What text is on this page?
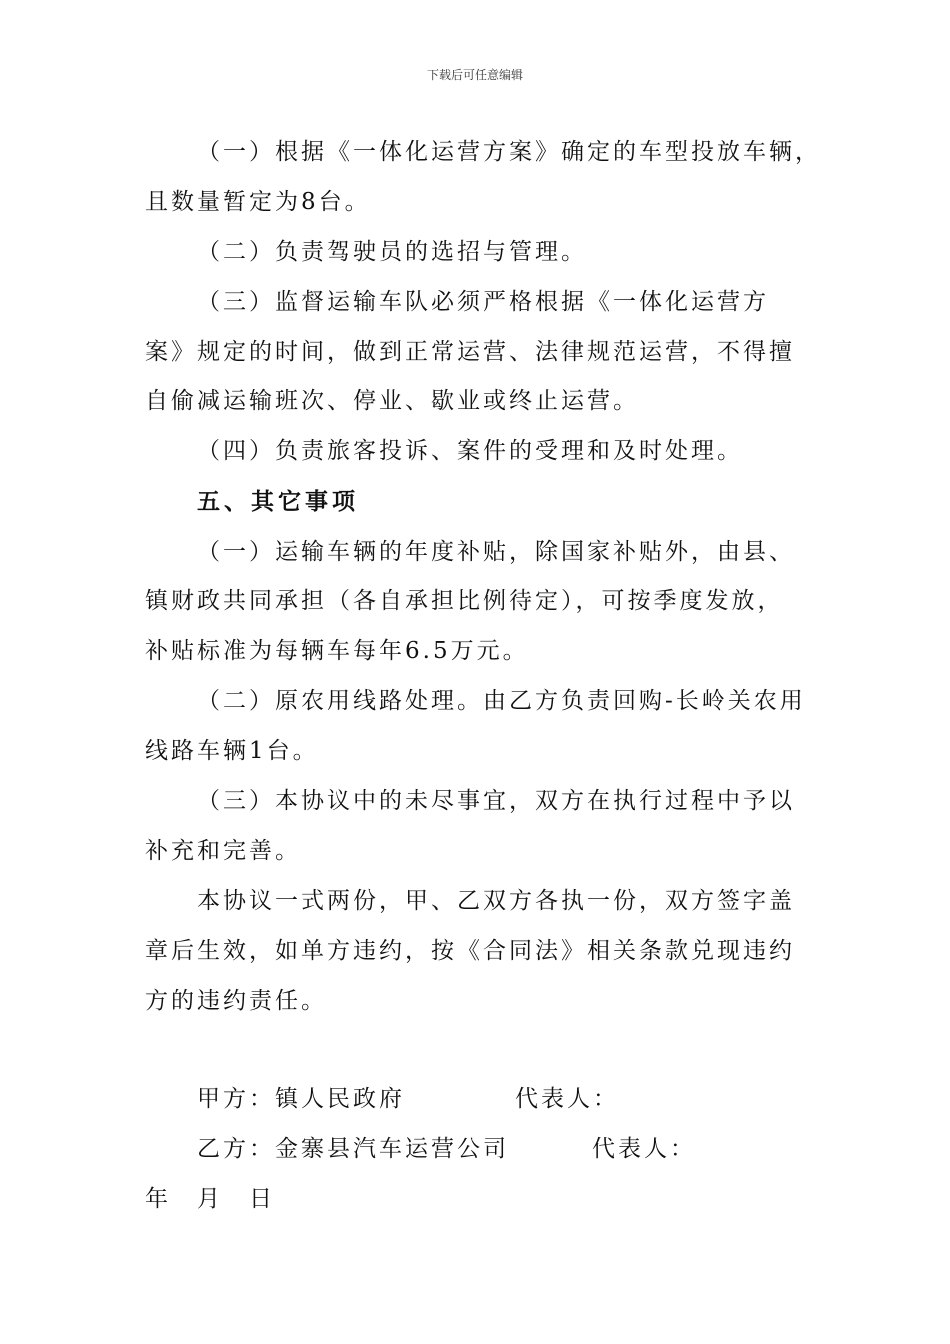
下载后可任意编辑
（一）根据《一体化运营方案》确定的车型投放车辆，
且数量暂定为8台。
（二）负责驾驶员的选招与管理。
（三）监督运输车队必须严格根据《一体化运营方
案》规定的时间，做到正常运营、法律规范运营，不得擅
自偷减运输班次、停业、歇业或终止运营。
（四）负责旅客投诉、案件的受理和及时处理。
五、其它事项
（一）运输车辆的年度补贴，除国家补贴外，由县、
镇财政共同承担（各自承担比例待定），可按季度发放，
补贴标准为每辆车每年6.5万元。
（二）原农用线路处理。由乙方负责回购-长岭关农用
线路车辆1台。
（三）本协议中的未尽事宜，双方在执行过程中予以
补充和完善。
本协议一式两份，甲、乙双方各执一份，双方签字盖
章后生效，如单方违约，按《合同法》相关条款兑现违约
方的违约责任。
甲方：镇人民政府	代表人：
乙方：金寨县汽车运营公司	代表人：
年　月　日
